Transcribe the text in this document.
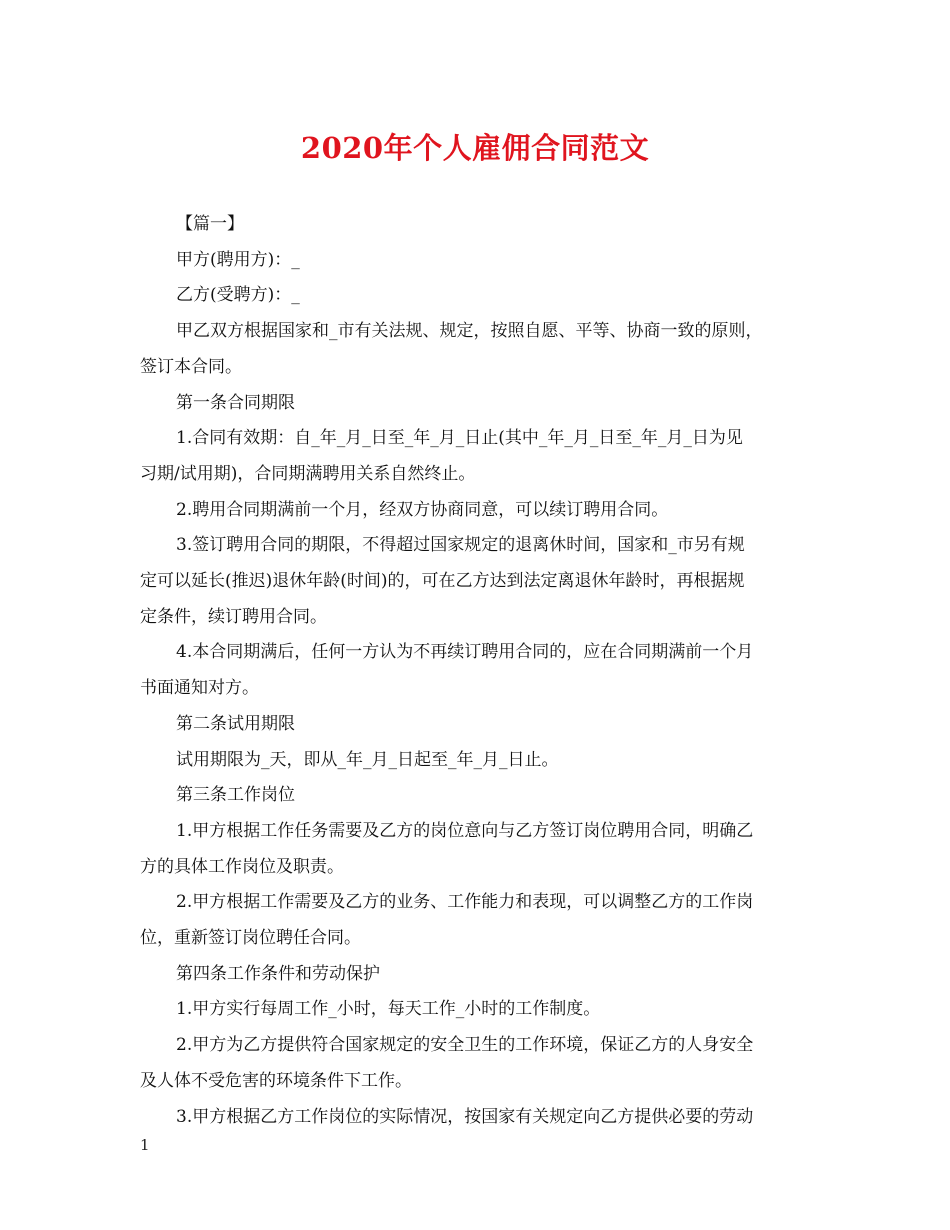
2020年个人雇佣合同范文

【篇一】

甲方(聘用方)：_

乙方(受聘方)：_

甲乙双方根据国家和_市有关法规、规定，按照自愿、平等、协商一致的原则，

签订本合同。

第一条合同期限

1.合同有效期：自_年_月_日至_年_月_日止(其中_年_月_日至_年_月_日为见

习期/试用期)，合同期满聘用关系自然终止。

2.聘用合同期满前一个月，经双方协商同意，可以续订聘用合同。

3.签订聘用合同的期限，不得超过国家规定的退离休时间，国家和_市另有规

定可以延长(推迟)退休年龄(时间)的，可在乙方达到法定离退休年龄时，再根据规

定条件，续订聘用合同。

4.本合同期满后，任何一方认为不再续订聘用合同的，应在合同期满前一个月

书面通知对方。

第二条试用期限

试用期限为_天，即从_年_月_日起至_年_月_日止。

第三条工作岗位

1.甲方根据工作任务需要及乙方的岗位意向与乙方签订岗位聘用合同，明确乙

方的具体工作岗位及职责。

2.甲方根据工作需要及乙方的业务、工作能力和表现，可以调整乙方的工作岗

位，重新签订岗位聘任合同。

第四条工作条件和劳动保护

1.甲方实行每周工作_小时，每天工作_小时的工作制度。

2.甲方为乙方提供符合国家规定的安全卫生的工作环境，保证乙方的人身安全

及人体不受危害的环境条件下工作。

3.甲方根据乙方工作岗位的实际情况，按国家有关规定向乙方提供必要的劳动

1
